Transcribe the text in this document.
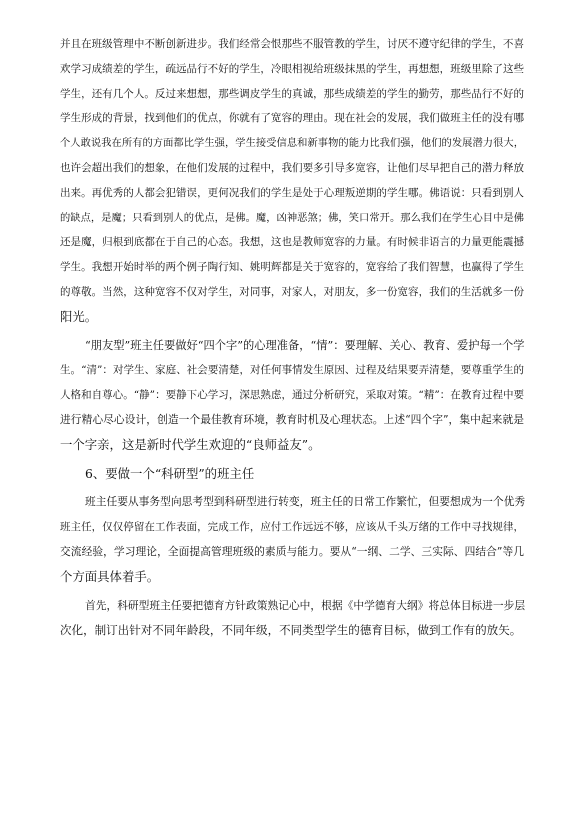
并且在班级管理中不断创新进步。我们经常会恨那些不服管教的学生，讨厌不遵守纪律的学生，不喜
欢学习成绩差的学生，疏远品行不好的学生，冷眼相视给班级抹黑的学生，再想想，班级里除了这些
学生，还有几个人。反过来想想，那些调皮学生的真诚，那些成绩差的学生的勤劳，那些品行不好的
学生形成的背景，找到他们的优点，你就有了宽容的理由。现在社会的发展，我们做班主任的没有哪
个人敢说我在所有的方面都比学生强，学生接受信息和新事物的能力比我们强，他们的发展潜力很大，
也许会超出我们的想象，在他们发展的过程中，我们要多引导多宽容，让他们尽早把自己的潜力释放
出来。再优秀的人都会犯错误，更何况我们的学生是处于心理叛逆期的学生哪。佛语说：只看到别人
的缺点，是魔；只看到别人的优点，是佛。魔，凶神恶煞；佛，笑口常开。那么我们在学生心目中是佛
还是魔，归根到底都在于自己的心态。我想，这也是教师宽容的力量。有时候非语言的力量更能震撼
学生。我想开始时举的两个例子陶行知、姚明辉都是关于宽容的，宽容给了我们智慧，也赢得了学生
的尊敬。当然，这种宽容不仅对学生，对同事，对家人，对朋友，多一份宽容，我们的生活就多一份
阳光。
“朋友型”班主任要做好“四个字”的心理准备，“情”：要理解、关心、教育、爱护每一个学
生。“清”：对学生、家庭、社会要清楚，对任何事情发生原因、过程及结果要弄清楚，要尊重学生的
人格和自尊心。“静”：要静下心学习，深思熟虑，通过分析研究，采取对策。“精”：在教育过程中要
进行精心尽心设计，创造一个最佳教育环境，教育时机及心理状态。上述“四个字”，集中起来就是
一个字亲，这是新时代学生欢迎的“良师益友”。
6、要做一个“科研型”的班主任
班主任要从事务型向思考型到科研型进行转变，班主任的日常工作繁忙，但要想成为一个优秀
班主任，仅仅停留在工作表面，完成工作，应付工作远远不够，应该从千头万绪的工作中寻找规律，
交流经验，学习理论，全面提高管理班级的素质与能力。要从“一纲、二学、三实际、四结合”等几
个方面具体着手。
首先，科研型班主任要把德育方针政策熟记心中，根据《中学德育大纲》将总体目标进一步层
次化，制订出针对不同年龄段，不同年级，不同类型学生的德育目标，做到工作有的放矢。
